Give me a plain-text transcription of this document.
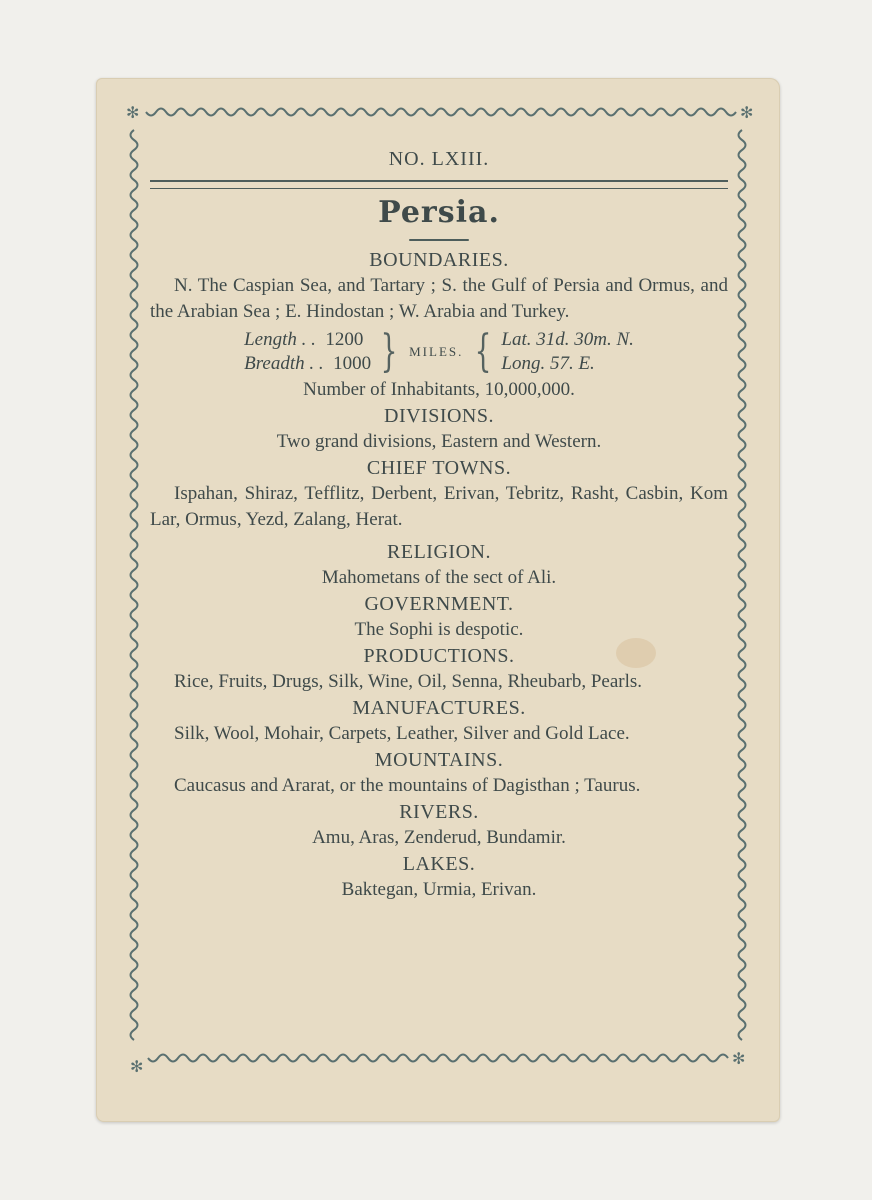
✻	✻
✻	✻
NO. LXIII.
Persia.
BOUNDARIES.

N. The Caspian Sea, and Tartary ; S. the Gulf of Persia and Ormus, and the Arabian Sea ; E. Hindostan ; W. Arabia and Turkey.

Length . . 1200
Breadth . . 1000 } MILES. { Lat. 31d. 30m. N.
Long. 57. E.
Number of Inhabitants, 10,000,000.
DIVISIONS.
Two grand divisions, Eastern and Western.
CHIEF TOWNS.

Ispahan, Shiraz, Tefflitz, Derbent, Erivan, Tebritz, Rasht, Casbin, Kom Lar, Ormus, Yezd, Zalang, Herat.

RELIGION.
Mahometans of the sect of Ali.
GOVERNMENT.
The Sophi is despotic.
PRODUCTIONS.

Rice, Fruits, Drugs, Silk, Wine, Oil, Senna, Rheubarb, Pearls.

MANUFACTURES.

Silk, Wool, Mohair, Carpets, Leather, Silver and Gold Lace.

MOUNTAINS.

Caucasus and Ararat, or the mountains of Dagisthan ; Taurus.

RIVERS.
Amu, Aras, Zenderud, Bundamir.
LAKES.
Baktegan, Urmia, Erivan.
